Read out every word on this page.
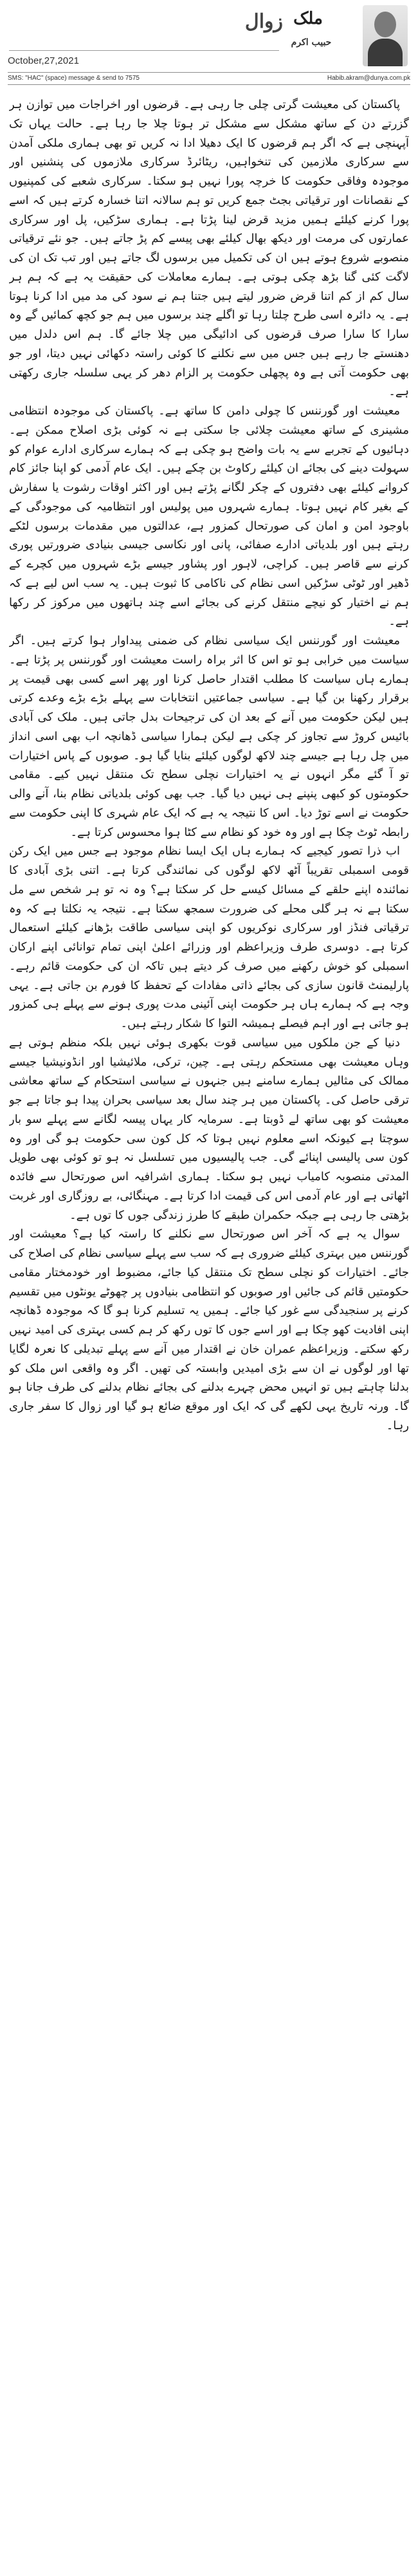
زوال ملک
حبیب اکرم
October,27,2021
SMS: "HAC" (space) message & send to 7575	Habib.akram@dunya.com.pk

پاکستان کی معیشت گرتی چلی جا رہی ہے۔ قرضوں اور اخراجات میں توازن ہر گزرتے دن کے ساتھ مشکل سے مشکل تر ہوتا چلا جا رہا ہے۔ حالت یہاں تک آپہنچی ہے کہ اگر ہم قرضوں کا ایک دھیلا ادا نہ کریں تو بھی ہماری ملکی آمدن سے سرکاری ملازمین کی تنخواہیں، ریٹائرڈ سرکاری ملازموں کی پنشنیں اور موجودہ وفاقی حکومت کا خرچہ پورا نہیں ہو سکتا۔ سرکاری شعبے کی کمپنیوں کے نقصانات اور ترقیاتی بجٹ جمع کریں تو ہم سالانہ اتنا خسارہ کرتے ہیں کہ اسے پورا کرنے کیلئے ہمیں مزید قرض لینا پڑتا ہے۔ ہماری سڑکیں، پل اور سرکاری عمارتوں کی مرمت اور دیکھ بھال کیلئے بھی پیسے کم پڑ جاتے ہیں۔ جو نئے ترقیاتی منصوبے شروع ہوتے ہیں ان کی تکمیل میں برسوں لگ جاتے ہیں اور تب تک ان کی لاگت کئی گنا بڑھ چکی ہوتی ہے۔ ہمارے معاملات کی حقیقت یہ ہے کہ ہم ہر سال کم از کم اتنا قرض ضرور لیتے ہیں جتنا ہم نے سود کی مد میں ادا کرنا ہوتا ہے۔ یہ دائرہ اسی طرح چلتا رہا تو اگلے چند برسوں میں ہم جو کچھ کمائیں گے وہ سارا کا سارا صرف قرضوں کی ادائیگی میں چلا جائے گا۔ ہم اس دلدل میں دھنستے جا رہے ہیں جس میں سے نکلنے کا کوئی راستہ دکھائی نہیں دیتا، اور جو بھی حکومت آتی ہے وہ پچھلی حکومت پر الزام دھر کر یہی سلسلہ جاری رکھتی ہے۔

معیشت اور گورننس کا چولی دامن کا ساتھ ہے۔ پاکستان کی موجودہ انتظامی مشینری کے ساتھ معیشت چلائی جا سکتی ہے نہ کوئی بڑی اصلاح ممکن ہے۔ دہائیوں کے تجربے سے یہ بات واضح ہو چکی ہے کہ ہمارے سرکاری ادارے عوام کو سہولت دینے کی بجائے ان کیلئے رکاوٹ بن چکے ہیں۔ ایک عام آدمی کو اپنا جائز کام کروانے کیلئے بھی دفتروں کے چکر لگانے پڑتے ہیں اور اکثر اوقات رشوت یا سفارش کے بغیر کام نہیں ہوتا۔ ہمارے شہروں میں پولیس اور انتظامیہ کی موجودگی کے باوجود امن و امان کی صورتحال کمزور ہے، عدالتوں میں مقدمات برسوں لٹکے رہتے ہیں اور بلدیاتی ادارے صفائی، پانی اور نکاسی جیسی بنیادی ضرورتیں پوری کرنے سے قاصر ہیں۔ کراچی، لاہور اور پشاور جیسے بڑے شہروں میں کچرے کے ڈھیر اور ٹوٹی سڑکیں اسی نظام کی ناکامی کا ثبوت ہیں۔ یہ سب اس لیے ہے کہ ہم نے اختیار کو نیچے منتقل کرنے کی بجائے اسے چند ہاتھوں میں مرکوز کر رکھا ہے۔

معیشت اور گورننس ایک سیاسی نظام کی ضمنی پیداوار ہوا کرتے ہیں۔ اگر سیاست میں خرابی ہو تو اس کا اثر براہ راست معیشت اور گورننس پر پڑتا ہے۔ ہمارے ہاں سیاست کا مطلب اقتدار حاصل کرنا اور پھر اسے کسی بھی قیمت پر برقرار رکھنا بن گیا ہے۔ سیاسی جماعتیں انتخابات سے پہلے بڑے بڑے وعدے کرتی ہیں لیکن حکومت میں آنے کے بعد ان کی ترجیحات بدل جاتی ہیں۔ ملک کی آبادی بائیس کروڑ سے تجاوز کر چکی ہے لیکن ہمارا سیاسی ڈھانچہ اب بھی اسی انداز میں چل رہا ہے جیسے چند لاکھ لوگوں کیلئے بنایا گیا ہو۔ صوبوں کے پاس اختیارات تو آ گئے مگر انہوں نے یہ اختیارات نچلی سطح تک منتقل نہیں کیے۔ مقامی حکومتوں کو کبھی پنپنے ہی نہیں دیا گیا۔ جب بھی کوئی بلدیاتی نظام بنا، آنے والی حکومت نے اسے توڑ دیا۔ اس کا نتیجہ یہ ہے کہ ایک عام شہری کا اپنی حکومت سے رابطہ ٹوٹ چکا ہے اور وہ خود کو نظام سے کٹا ہوا محسوس کرتا ہے۔

اب ذرا تصور کیجیے کہ ہمارے ہاں ایک ایسا نظام موجود ہے جس میں ایک رکن قومی اسمبلی تقریباً آٹھ لاکھ لوگوں کی نمائندگی کرتا ہے۔ اتنی بڑی آبادی کا نمائندہ اپنے حلقے کے مسائل کیسے حل کر سکتا ہے؟ وہ نہ تو ہر شخص سے مل سکتا ہے نہ ہر گلی محلے کی ضرورت سمجھ سکتا ہے۔ نتیجہ یہ نکلتا ہے کہ وہ ترقیاتی فنڈز اور سرکاری نوکریوں کو اپنی سیاسی طاقت بڑھانے کیلئے استعمال کرتا ہے۔ دوسری طرف وزیراعظم اور وزرائے اعلیٰ اپنی تمام توانائی اپنے ارکان اسمبلی کو خوش رکھنے میں صرف کر دیتے ہیں تاکہ ان کی حکومت قائم رہے۔ پارلیمنٹ قانون سازی کی بجائے ذاتی مفادات کے تحفظ کا فورم بن جاتی ہے۔ یہی وجہ ہے کہ ہمارے ہاں ہر حکومت اپنی آئینی مدت پوری ہونے سے پہلے ہی کمزور ہو جاتی ہے اور اہم فیصلے ہمیشہ التوا کا شکار رہتے ہیں۔

دنیا کے جن ملکوں میں سیاسی قوت بکھری ہوئی نہیں بلکہ منظم ہوتی ہے وہاں معیشت بھی مستحکم رہتی ہے۔ چین، ترکی، ملائیشیا اور انڈونیشیا جیسے ممالک کی مثالیں ہمارے سامنے ہیں جنہوں نے سیاسی استحکام کے ساتھ معاشی ترقی حاصل کی۔ پاکستان میں ہر چند سال بعد سیاسی بحران پیدا ہو جاتا ہے جو معیشت کو بھی ساتھ لے ڈوبتا ہے۔ سرمایہ کار یہاں پیسہ لگانے سے پہلے سو بار سوچتا ہے کیونکہ اسے معلوم نہیں ہوتا کہ کل کون سی حکومت ہو گی اور وہ کون سی پالیسی اپنائے گی۔ جب پالیسیوں میں تسلسل نہ ہو تو کوئی بھی طویل المدتی منصوبہ کامیاب نہیں ہو سکتا۔ ہماری اشرافیہ اس صورتحال سے فائدہ اٹھاتی ہے اور عام آدمی اس کی قیمت ادا کرتا ہے۔ مہنگائی، بے روزگاری اور غربت بڑھتی جا رہی ہے جبکہ حکمران طبقے کا طرز زندگی جوں کا توں ہے۔

سوال یہ ہے کہ آخر اس صورتحال سے نکلنے کا راستہ کیا ہے؟ معیشت اور گورننس میں بہتری کیلئے ضروری ہے کہ سب سے پہلے سیاسی نظام کی اصلاح کی جائے۔ اختیارات کو نچلی سطح تک منتقل کیا جائے، مضبوط اور خودمختار مقامی حکومتیں قائم کی جائیں اور صوبوں کو انتظامی بنیادوں پر چھوٹے یونٹوں میں تقسیم کرنے پر سنجیدگی سے غور کیا جائے۔ ہمیں یہ تسلیم کرنا ہو گا کہ موجودہ ڈھانچہ اپنی افادیت کھو چکا ہے اور اسے جوں کا توں رکھ کر ہم کسی بہتری کی امید نہیں رکھ سکتے۔ وزیراعظم عمران خان نے اقتدار میں آنے سے پہلے تبدیلی کا نعرہ لگایا تھا اور لوگوں نے ان سے بڑی امیدیں وابستہ کی تھیں۔ اگر وہ واقعی اس ملک کو بدلنا چاہتے ہیں تو انہیں محض چہرے بدلنے کی بجائے نظام بدلنے کی طرف جانا ہو گا۔ ورنہ تاریخ یہی لکھے گی کہ ایک اور موقع ضائع ہو گیا اور زوال کا سفر جاری رہا۔
